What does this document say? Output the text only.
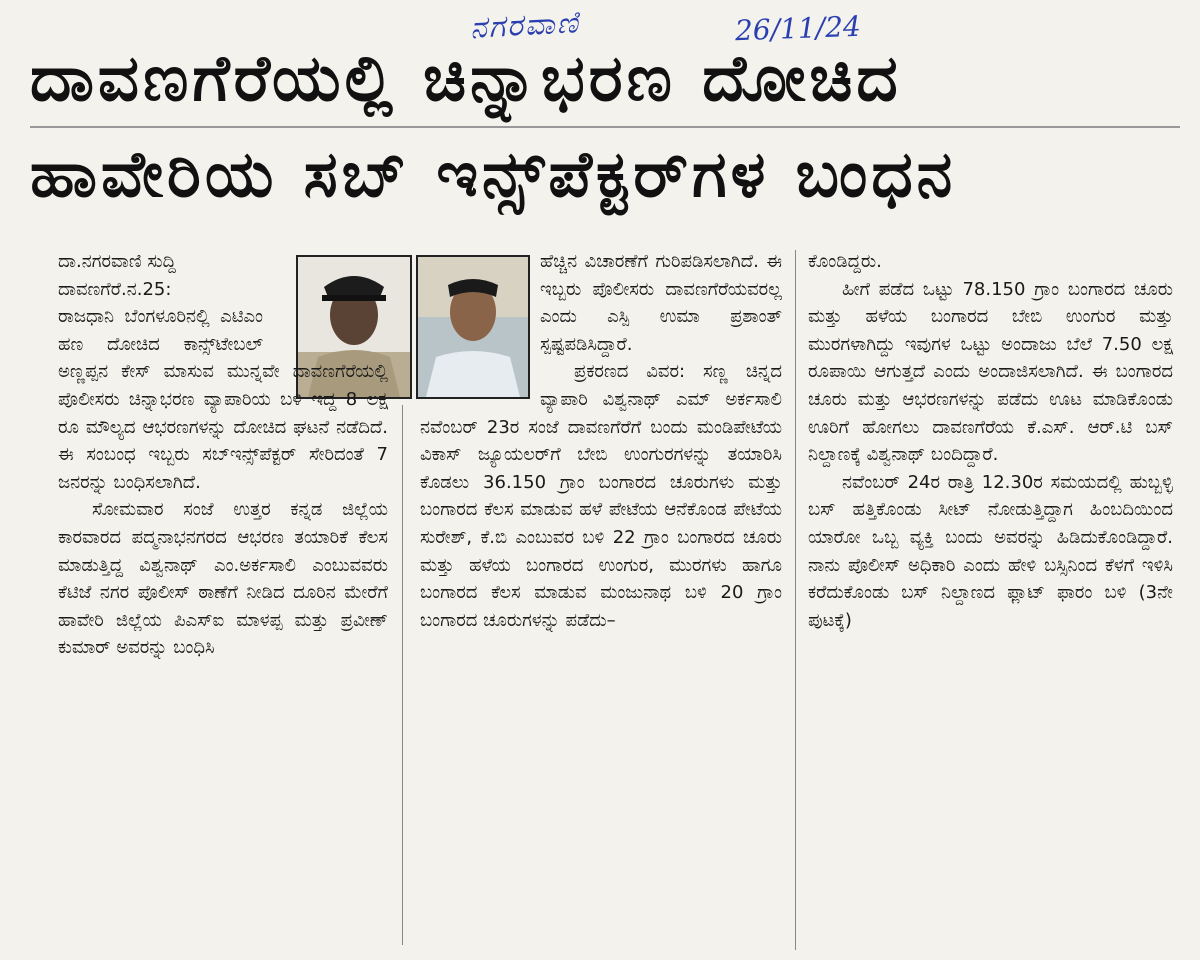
ನಗರವಾಣಿ	26/11/24
ದಾವಣಗೆರೆಯಲ್ಲಿ ಚಿನ್ನಾಭರಣ ದೋಚಿದ
ಹಾವೇರಿಯ ಸಬ್ ಇನ್ಸ್‌ಪೆಕ್ಟರ್‌ಗಳ ಬಂಧನ

ದಾ.ನಗರವಾಣಿ ಸುದ್ದಿ

ದಾವಣಗೆರೆ.ನ.25:

ರಾಜಧಾನಿ ಬೆಂಗಳೂರಿನಲ್ಲಿ ಎಟಿಎಂ ಹಣ ದೋಚಿದ ಕಾನ್ಸ್‌ಟೇಬಲ್ ಅಣ್ಣಪ್ಪನ ಕೇಸ್ ಮಾಸುವ ಮುನ್ನವೇ ದಾವಣಗೆರೆಯಲ್ಲಿ ಪೊಲೀಸರು ಚಿನ್ನಾಭರಣ ವ್ಯಾಪಾರಿಯ ಬಳಿ ಇದ್ದ 8 ಲಕ್ಷ ರೂ ಮೌಲ್ಯದ ಆಭರಣಗಳನ್ನು ದೋಚಿದ ಘಟನೆ ನಡೆದಿದೆ. ಈ ಸಂಬಂಧ ಇಬ್ಬರು ಸಬ್‌ಇನ್ಸ್‌ಪೆಕ್ಟರ್ ಸೇರಿದಂತೆ 7 ಜನರನ್ನು ಬಂಧಿಸಲಾಗಿದೆ.

ಸೋಮವಾರ ಸಂಜೆ ಉತ್ತರ ಕನ್ನಡ ಜಿಲ್ಲೆಯ ಕಾರವಾರದ ಪದ್ಮನಾಭನಗರದ ಆಭರಣ ತಯಾರಿಕೆ ಕೆಲಸ ಮಾಡುತ್ತಿದ್ದ ವಿಶ್ವನಾಥ್ ಎಂ.ಅರ್ಕಸಾಲಿ ಎಂಬುವವರು ಕೆಟಿಜೆ ನಗರ ಪೊಲೀಸ್ ಠಾಣೆಗೆ ನೀಡಿದ ದೂರಿನ ಮೇರೆಗೆ ಹಾವೇರಿ ಜಿಲ್ಲೆಯ ಪಿಎಸ್‌ಐ ಮಾಳಪ್ಪ ಮತ್ತು ಪ್ರವೀಣ್ ಕುಮಾರ್ ಅವರನ್ನು ಬಂಧಿಸಿ

ಹೆಚ್ಚಿನ ವಿಚಾರಣೆಗೆ ಗುರಿಪಡಿಸಲಾಗಿದೆ. ಈ ಇಬ್ಬರು ಪೊಲೀಸರು ದಾವಣಗೆರೆಯವರಲ್ಲ ಎಂದು ಎಸ್ಪಿ ಉಮಾ ಪ್ರಶಾಂತ್ ಸ್ಪಷ್ಟಪಡಿಸಿದ್ದಾರೆ.

ಪ್ರಕರಣದ ವಿವರ: ಸಣ್ಣ ಚಿನ್ನದ ವ್ಯಾಪಾರಿ ವಿಶ್ವನಾಥ್ ಎಮ್ ಅರ್ಕಸಾಲಿ ನವೆಂಬರ್ 23ರ ಸಂಜೆ ದಾವಣಗೆರೆಗೆ ಬಂದು ಮಂಡಿಪೇಟೆಯ ವಿಕಾಸ್ ಜ್ಯೂಯಲರ್‌ಗೆ ಬೇಬಿ ಉಂಗುರಗಳನ್ನು ತಯಾರಿಸಿ ಕೊಡಲು 36.150 ಗ್ರಾಂ ಬಂಗಾರದ ಚೂರುಗಳು ಮತ್ತು ಬಂಗಾರದ ಕೆಲಸ ಮಾಡುವ ಹಳೆ ಪೇಟೆಯ ಆನೆಕೊಂಡ ಪೇಟೆಯ ಸುರೇಶ್, ಕೆ.ಬಿ ಎಂಬುವರ ಬಳಿ 22 ಗ್ರಾಂ ಬಂಗಾರದ ಚೂರು ಮತ್ತು ಹಳೆಯ ಬಂಗಾರದ ಉಂಗುರ, ಮುರಗಳು ಹಾಗೂ ಬಂಗಾರದ ಕೆಲಸ ಮಾಡುವ ಮಂಜುನಾಥ ಬಳಿ 20 ಗ್ರಾಂ ಬಂಗಾರದ ಚೂರುಗಳನ್ನು ಪಡೆದು–

ಕೊಂಡಿದ್ದರು.

ಹೀಗೆ ಪಡೆದ ಒಟ್ಟು 78.150 ಗ್ರಾಂ ಬಂಗಾರದ ಚೂರು ಮತ್ತು ಹಳೆಯ ಬಂಗಾರದ ಬೇಬಿ ಉಂಗುರ ಮತ್ತು ಮುರಗಳಾಗಿದ್ದು ಇವುಗಳ ಒಟ್ಟು ಅಂದಾಜು ಬೆಲೆ 7.50 ಲಕ್ಷ ರೂಪಾಯಿ ಆಗುತ್ತದೆ ಎಂದು ಅಂದಾಜಿಸಲಾಗಿದೆ. ಈ ಬಂಗಾರದ ಚೂರು ಮತ್ತು ಆಭರಣಗಳನ್ನು ಪಡೆದು ಊಟ ಮಾಡಿಕೊಂಡು ಊರಿಗೆ ಹೋಗಲು ದಾವಣಗೆರೆಯ ಕೆ.ಎಸ್. ಆರ್.ಟಿ ಬಸ್ ನಿಲ್ದಾಣಕ್ಕೆ ವಿಶ್ವನಾಥ್ ಬಂದಿದ್ದಾರೆ.

ನವೆಂಬರ್ 24ರ ರಾತ್ರಿ 12.30ರ ಸಮಯದಲ್ಲಿ ಹುಬ್ಬಳ್ಳಿ ಬಸ್ ಹತ್ತಿಕೊಂಡು ಸೀಟ್ ನೋಡುತ್ತಿದ್ದಾಗ ಹಿಂಬದಿಯಿಂದ ಯಾರೋ ಒಬ್ಬ ವ್ಯಕ್ತಿ ಬಂದು ಅವರನ್ನು ಹಿಡಿದುಕೊಂಡಿದ್ದಾರೆ. ನಾನು ಪೊಲೀಸ್ ಅಧಿಕಾರಿ ಎಂದು ಹೇಳಿ ಬಸ್ಸಿನಿಂದ ಕೆಳಗೆ ಇಳಿಸಿ ಕರೆದುಕೊಂಡು ಬಸ್ ನಿಲ್ದಾಣದ ಫ್ಲಾಟ್ ಫಾರಂ ಬಳಿ (3ನೇ ಪುಟಕ್ಕೆ)
